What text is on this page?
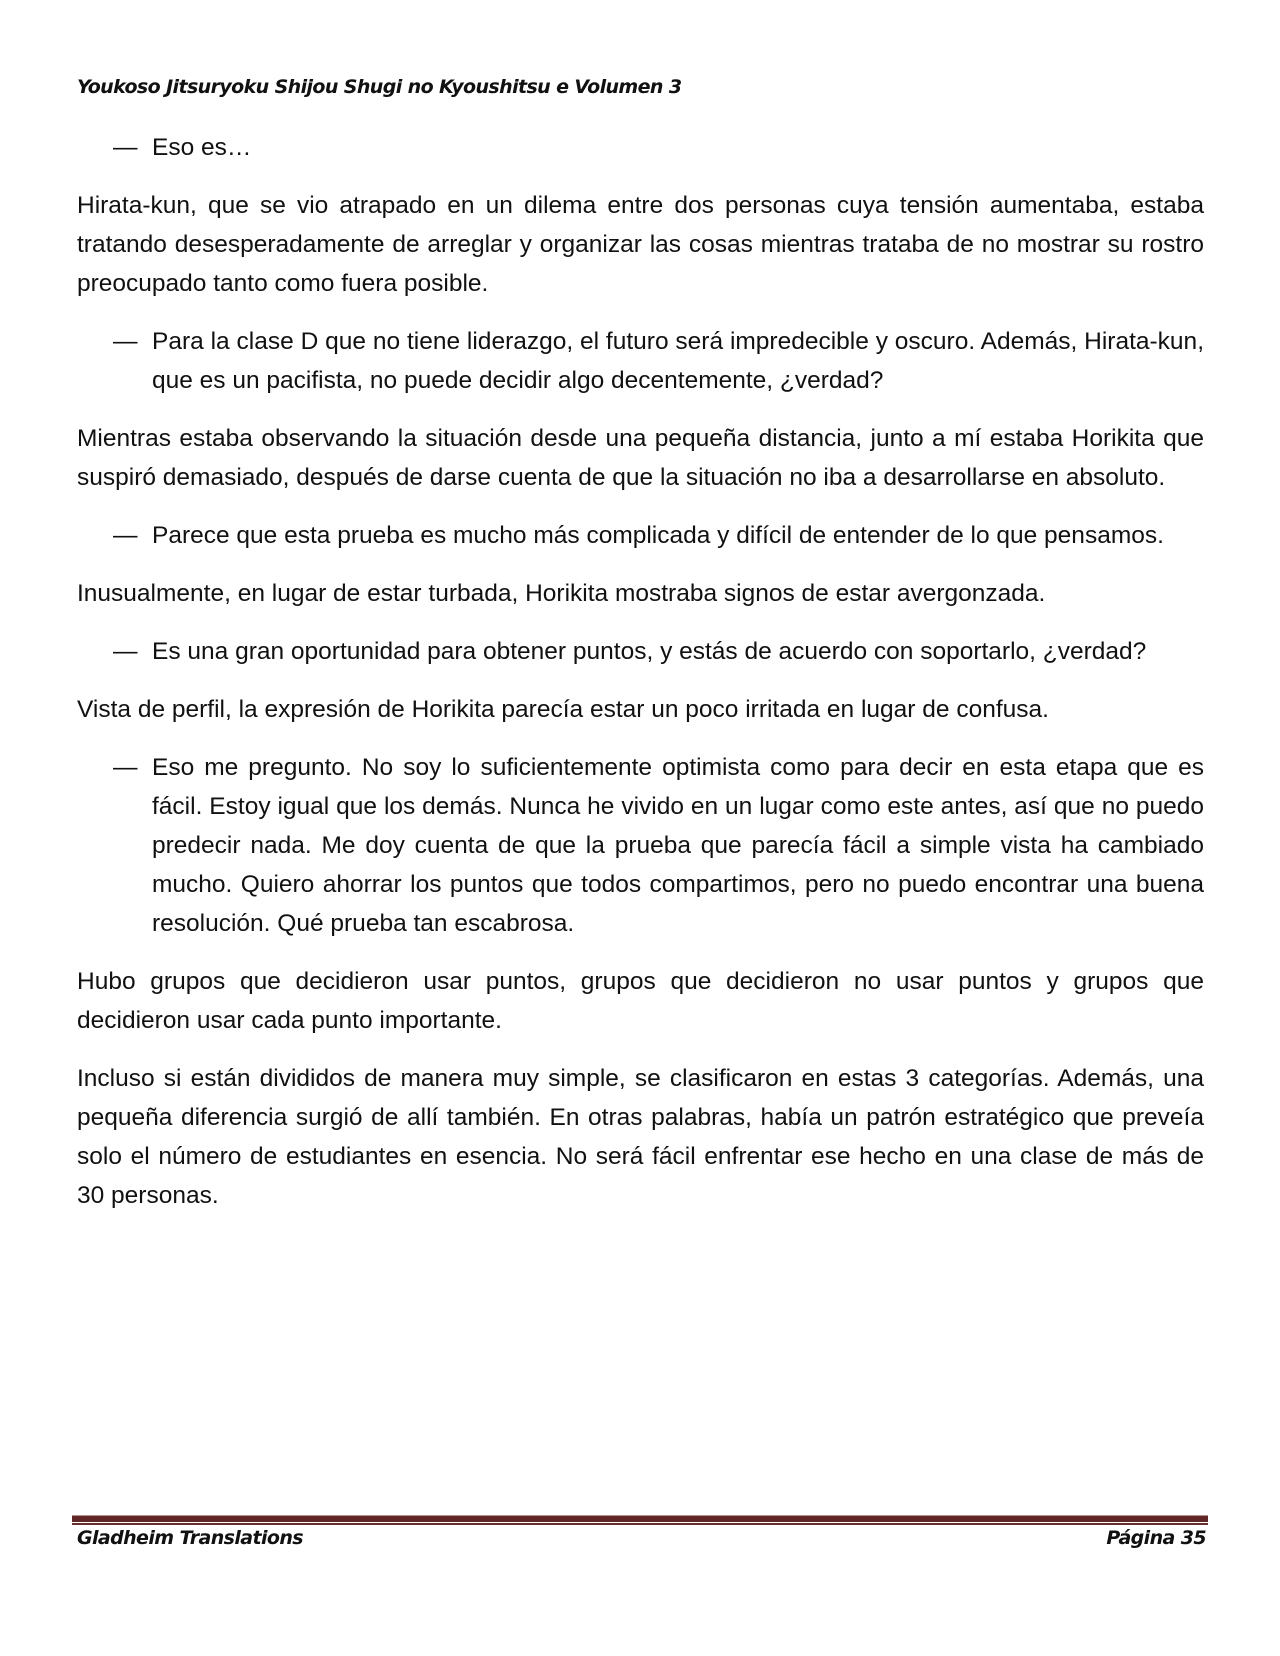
Youkoso Jitsuryoku Shijou Shugi no Kyoushitsu e Volumen 3

— Eso es…

Hirata-kun, que se vio atrapado en un dilema entre dos personas cuya tensión aumentaba, estaba tratando desesperadamente de arreglar y organizar las cosas mientras trataba de no mostrar su rostro preocupado tanto como fuera posible.

— Para la clase D que no tiene liderazgo, el futuro será impredecible y oscuro. Además, Hirata-kun, que es un pacifista, no puede decidir algo decentemente, ¿verdad?

Mientras estaba observando la situación desde una pequeña distancia, junto a mí estaba Horikita que suspiró demasiado, después de darse cuenta de que la situación no iba a desarrollarse en absoluto.

— Parece que esta prueba es mucho más complicada y difícil de entender de lo que pensamos.

Inusualmente, en lugar de estar turbada, Horikita mostraba signos de estar avergonzada.

— Es una gran oportunidad para obtener puntos, y estás de acuerdo con soportarlo, ¿verdad?

Vista de perfil, la expresión de Horikita parecía estar un poco irritada en lugar de confusa.

— Eso me pregunto. No soy lo suficientemente optimista como para decir en esta etapa que es fácil. Estoy igual que los demás. Nunca he vivido en un lugar como este antes, así que no puedo predecir nada. Me doy cuenta de que la prueba que parecía fácil a simple vista ha cambiado mucho. Quiero ahorrar los puntos que todos compartimos, pero no puedo encontrar una buena resolución. Qué prueba tan escabrosa.

Hubo grupos que decidieron usar puntos, grupos que decidieron no usar puntos y grupos que decidieron usar cada punto importante.

Incluso si están divididos de manera muy simple, se clasificaron en estas 3 categorías. Además, una pequeña diferencia surgió de allí también. En otras palabras, había un patrón estratégico que preveía solo el número de estudiantes en esencia. No será fácil enfrentar ese hecho en una clase de más de 30 personas.

Gladheim Translations	Página 35
